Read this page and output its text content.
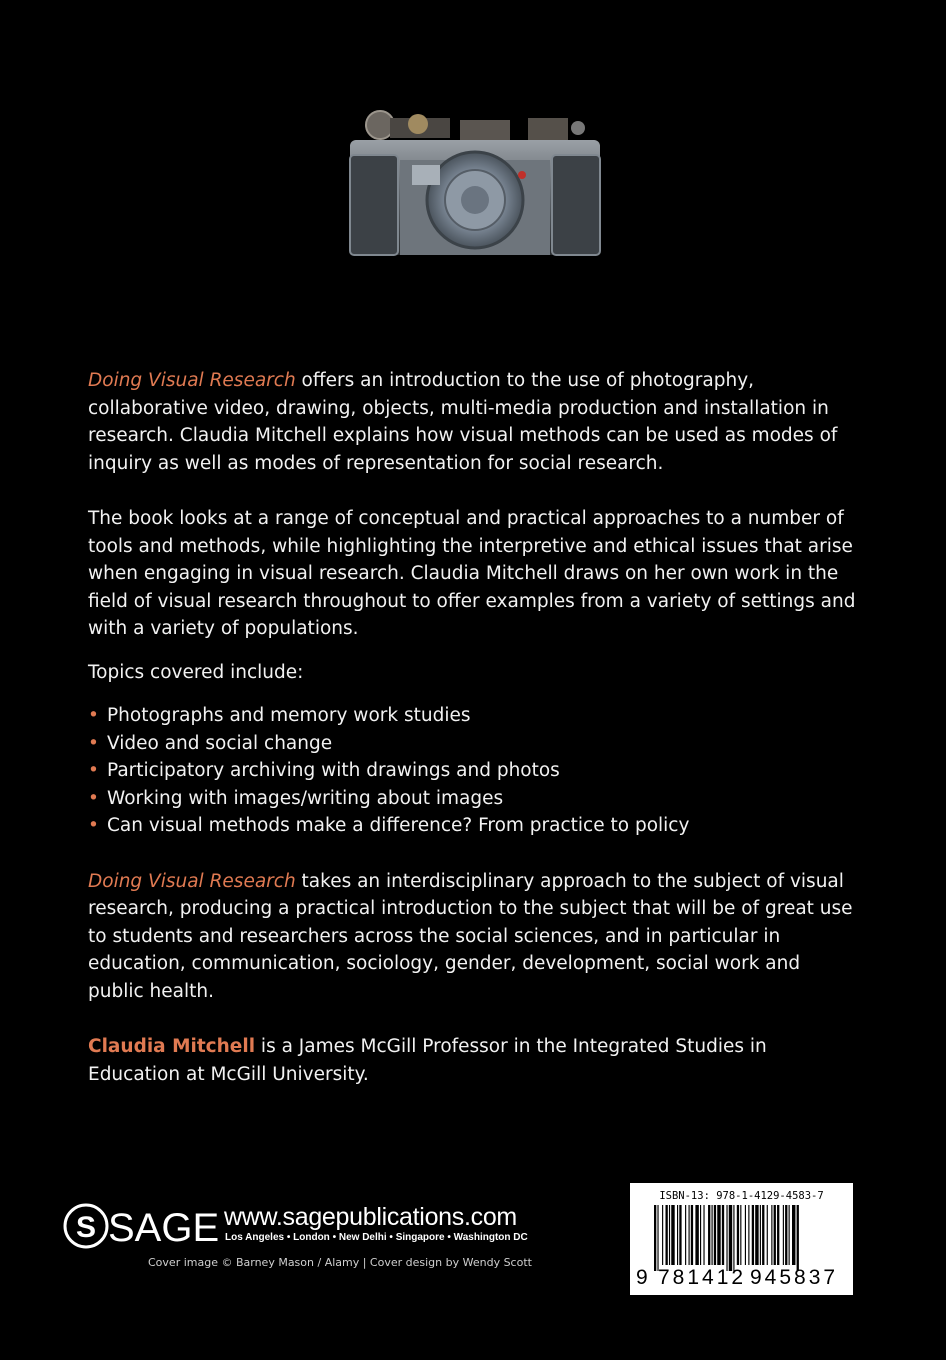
Doing Visual Research offers an introduction to the use of photography, collaborative video, drawing, objects, multi-media production and installation in research. Claudia Mitchell explains how visual methods can be used as modes of inquiry as well as modes of representation for social research.

The book looks at a range of conceptual and practical approaches to a number of tools and methods, while highlighting the interpretive and ethical issues that arise when engaging in visual research. Claudia Mitchell draws on her own work in the field of visual research throughout to offer examples from a variety of settings and with a variety of populations.

Topics covered include:

• Photographs and memory work studies
• Video and social change
• Participatory archiving with drawings and photos
• Working with images/writing about images
• Can visual methods make a difference? From practice to policy

Doing Visual Research takes an interdisciplinary approach to the subject of visual research, producing a practical introduction to the subject that will be of great use to students and researchers across the social sciences, and in particular in education, communication, sociology, gender, development, social work and public health.

Claudia Mitchell is a James McGill Professor in the Integrated Studies in Education at McGill University.

S SAGE www.sagepublications.com
Los Angeles • London • New Delhi • Singapore • Washington DC
Cover image © Barney Mason / Alamy | Cover design by Wendy Scott
ISBN-13: 978-1-4129-4583-7
9 781412 945837
